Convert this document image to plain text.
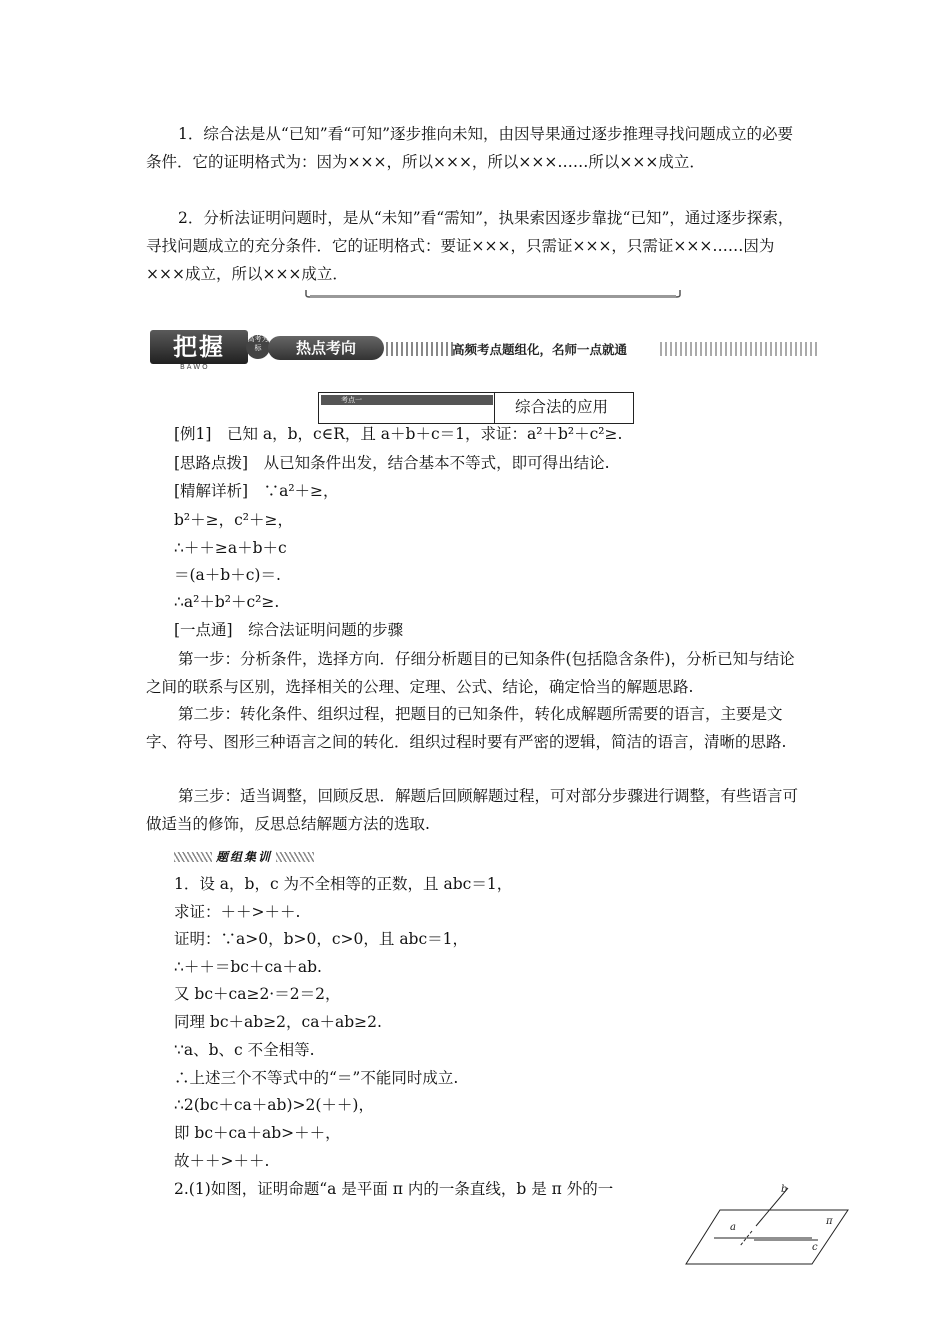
1．综合法是从“已知”看“可知”逐步推向未知，由因导果通过逐步推理寻找问题成立的必要条件．它的证明格式为：因为×××，所以×××，所以×××……所以×××成立．

2．分析法证明问题时，是从“未知”看“需知”，执果索因逐步靠拢“已知”，通过逐步探索，寻找问题成立的充分条件．它的证明格式：要证×××，只需证×××，只需证×××……因为×××成立，所以×××成立．

把握
BAWO
高考为标	热点考向	高频考点题组化，名师一点就通
考点一	综合法的应用

[例1]　已知 a，b，c∈R，且 a＋b＋c＝1，求证：a²＋b²＋c²≥.

[思路点拨]　从已知条件出发，结合基本不等式，即可得出结论.

[精解详析]　∵a²＋≥，

b²＋≥，c²＋≥，

∴＋＋≥a＋b＋c

＝(a＋b＋c)＝.

∴a²＋b²＋c²≥.

[一点通]　综合法证明问题的步骤

第一步：分析条件，选择方向．仔细分析题目的已知条件(包括隐含条件)，分析已知与结论之间的联系与区别，选择相关的公理、定理、公式、结论，确定恰当的解题思路.

第二步：转化条件、组织过程，把题目的已知条件，转化成解题所需要的语言，主要是文字、符号、图形三种语言之间的转化．组织过程时要有严密的逻辑，简洁的语言，清晰的思路.

第三步：适当调整，回顾反思．解题后回顾解题过程，可对部分步骤进行调整，有些语言可做适当的修饰，反思总结解题方法的选取.

题组集训

1．设 a，b，c 为不全相等的正数，且 abc＝1，

求证：＋＋>＋＋.

证明：∵a>0，b>0，c>0，且 abc＝1，

∴＋＋＝bc＋ca＋ab.

又 bc＋ca≥2·＝2＝2，

同理 bc＋ab≥2，ca＋ab≥2.

∵a、b、c 不全相等.

∴上述三个不等式中的“＝”不能同时成立.

∴2(bc＋ca＋ab)>2(＋＋)，

即 bc＋ca＋ab>＋＋，

故＋＋>＋＋.

2.(1)如图，证明命题“a 是平面 π 内的一条直线，b 是 π 外的一	b
a
π
c
